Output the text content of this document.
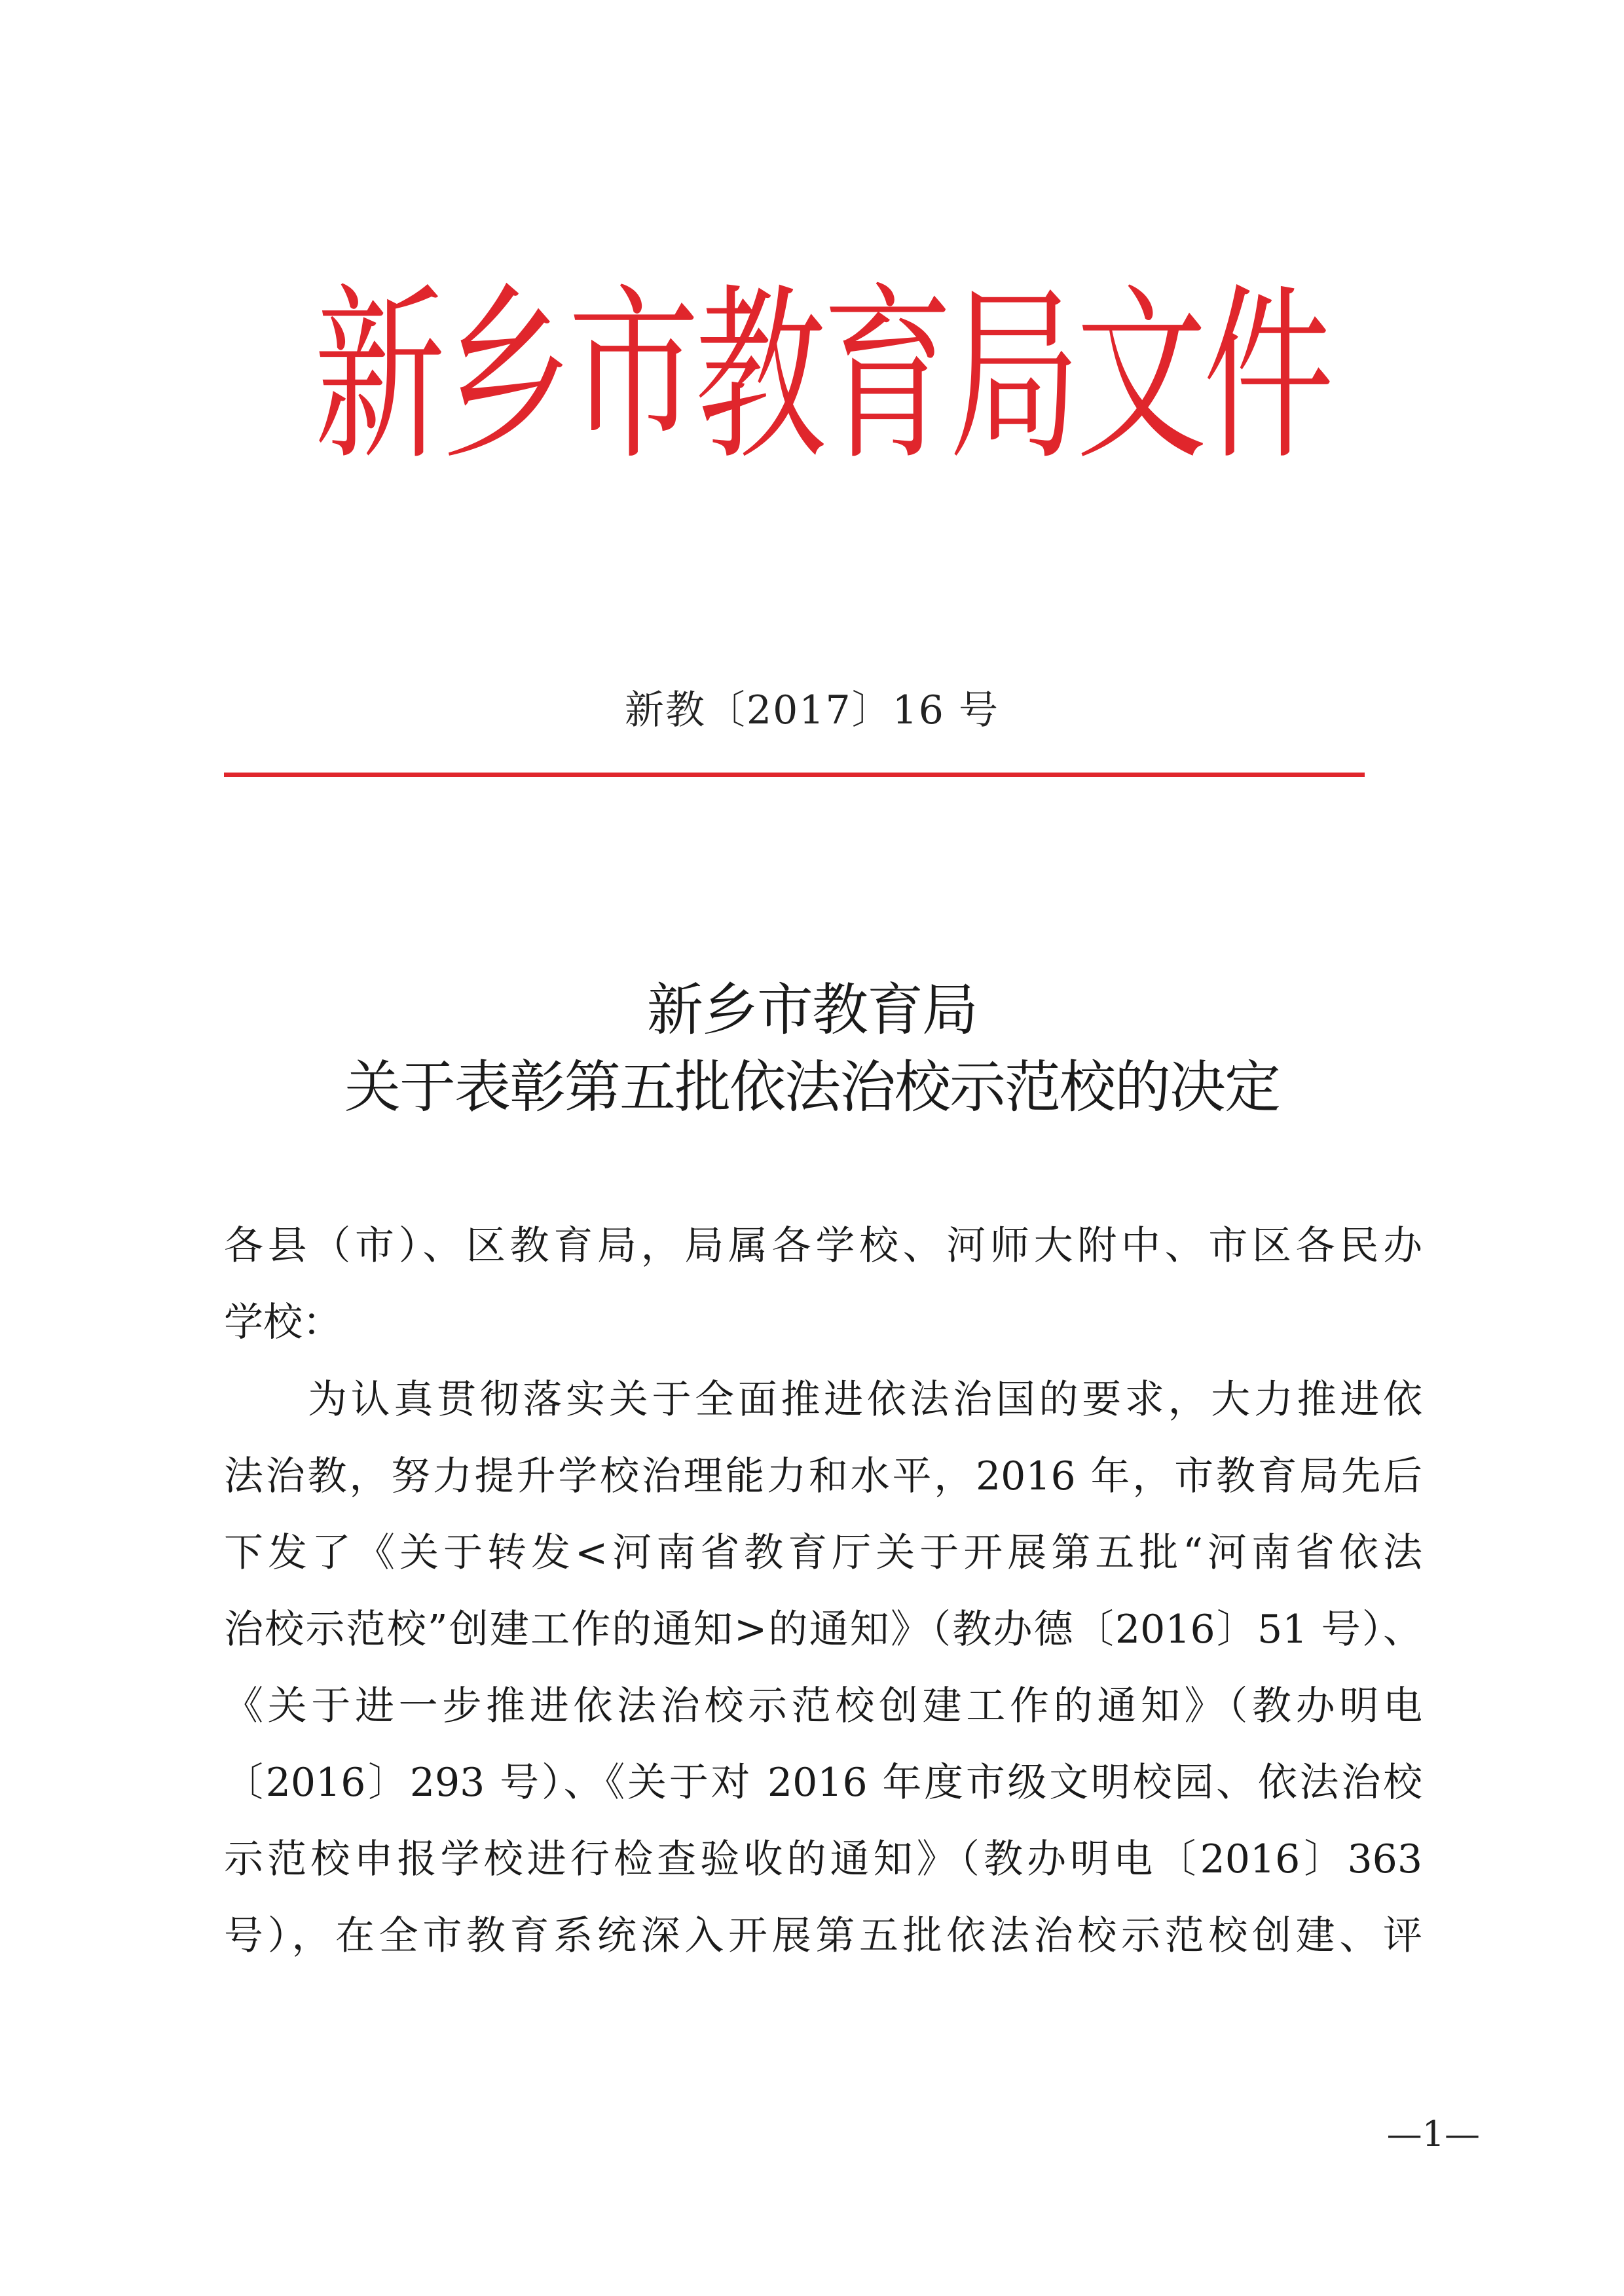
新乡市教育局文件
新教〔2017〕16 号
新乡市教育局
关于表彰第五批依法治校示范校的决定
各县（市）、区教育局，局属各学校、河师大附中、市区各民办
学校：
为认真贯彻落实关于全面推进依法治国的要求，大力推进依
法治教，努力提升学校治理能力和水平，2016 年，市教育局先后
下发了《关于转发<河南省教育厅关于开展第五批“河南省依法
治校示范校”创建工作的通知>的通知》（教办德〔2016〕51 号）、
《关于进一步推进依法治校示范校创建工作的通知》（教办明电
〔2016〕293 号）、《关于对 2016 年度市级文明校园、依法治校
示范校申报学校进行检查验收的通知》（教办明电〔2016〕363
号），在全市教育系统深入开展第五批依法治校示范校创建、评
—1—
